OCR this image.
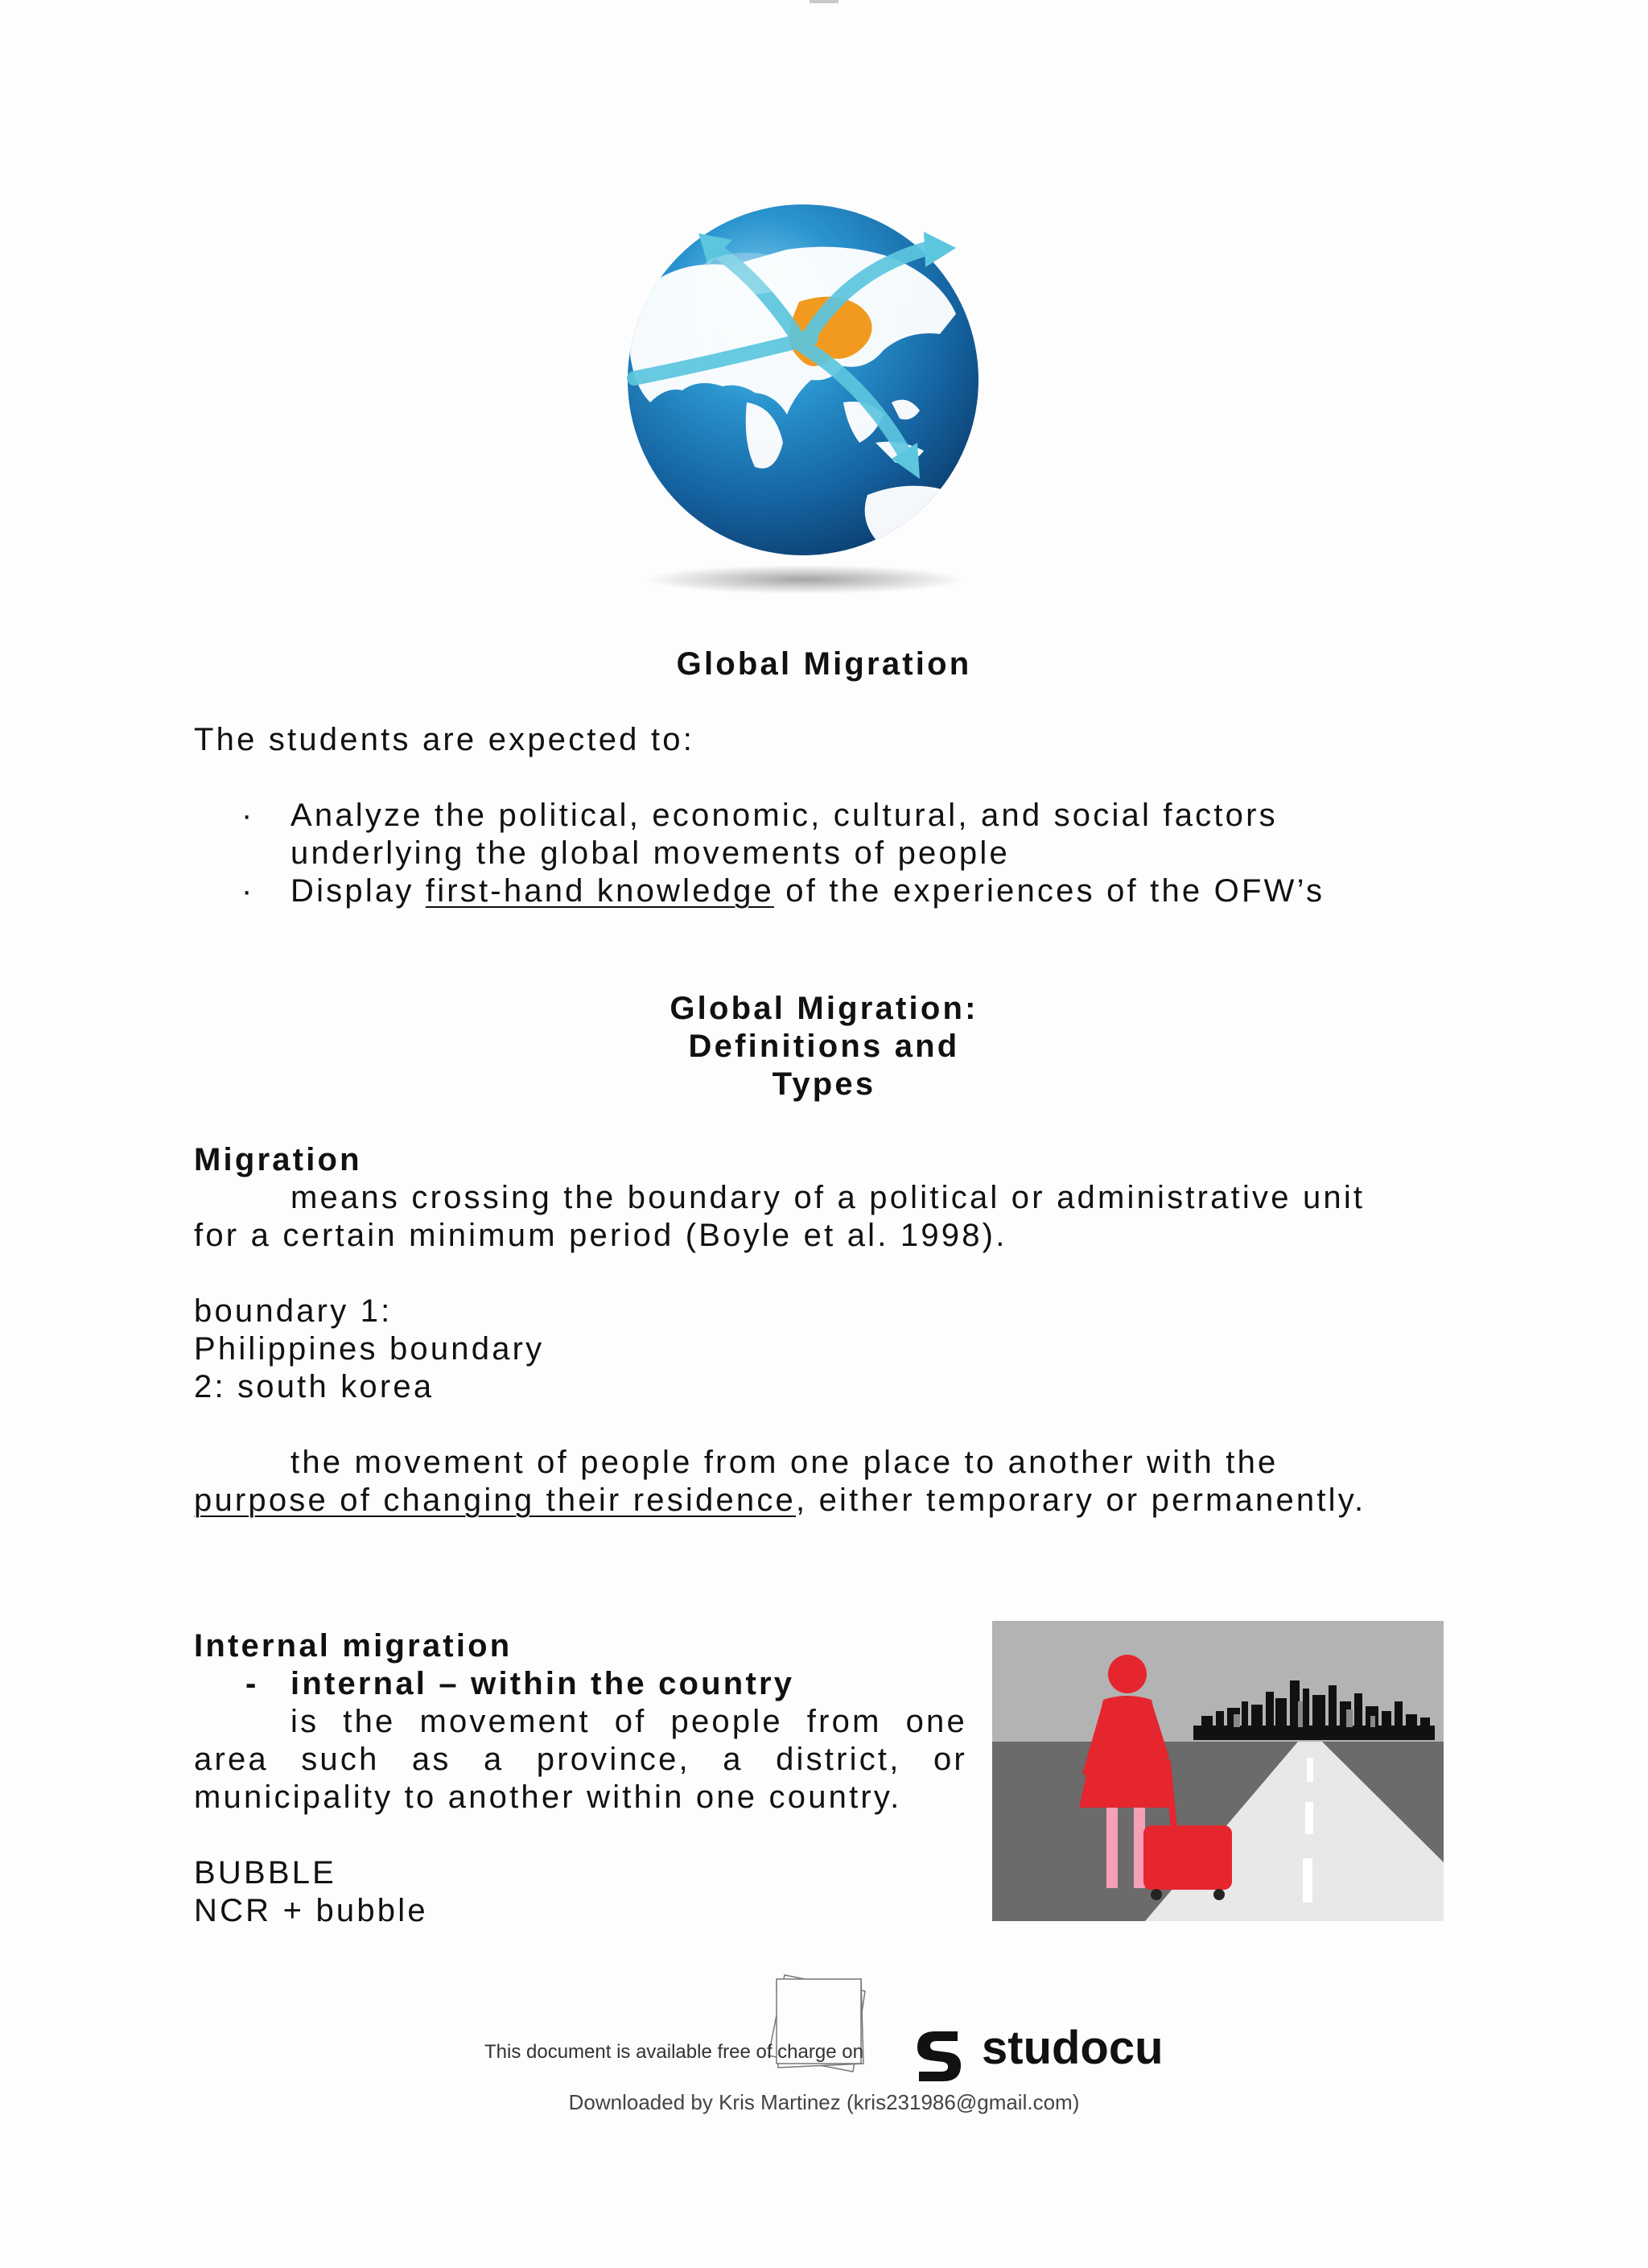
Global Migration
The students are expected to:
· Analyze the political, economic, cultural, and social factors
underlying the global movements of people
· Display first-hand knowledge of the experiences of the OFW’s
Global Migration:
Definitions and
Types
Migration
means crossing the boundary of a political or administrative unit
for a certain minimum period (Boyle et al. 1998).
boundary 1:
Philippines boundary
2: south korea
the movement of people from one place to another with the
purpose of changing their residence, either temporary or permanently.
Internal migration
- internal – within the country
is the movement of people from one
area such as a province, a district, or
municipality to another within one country.
BUBBLE
NCR + bubble
This document is available free of charge on	studocu
Downloaded by Kris Martinez (kris231986@gmail.com)
